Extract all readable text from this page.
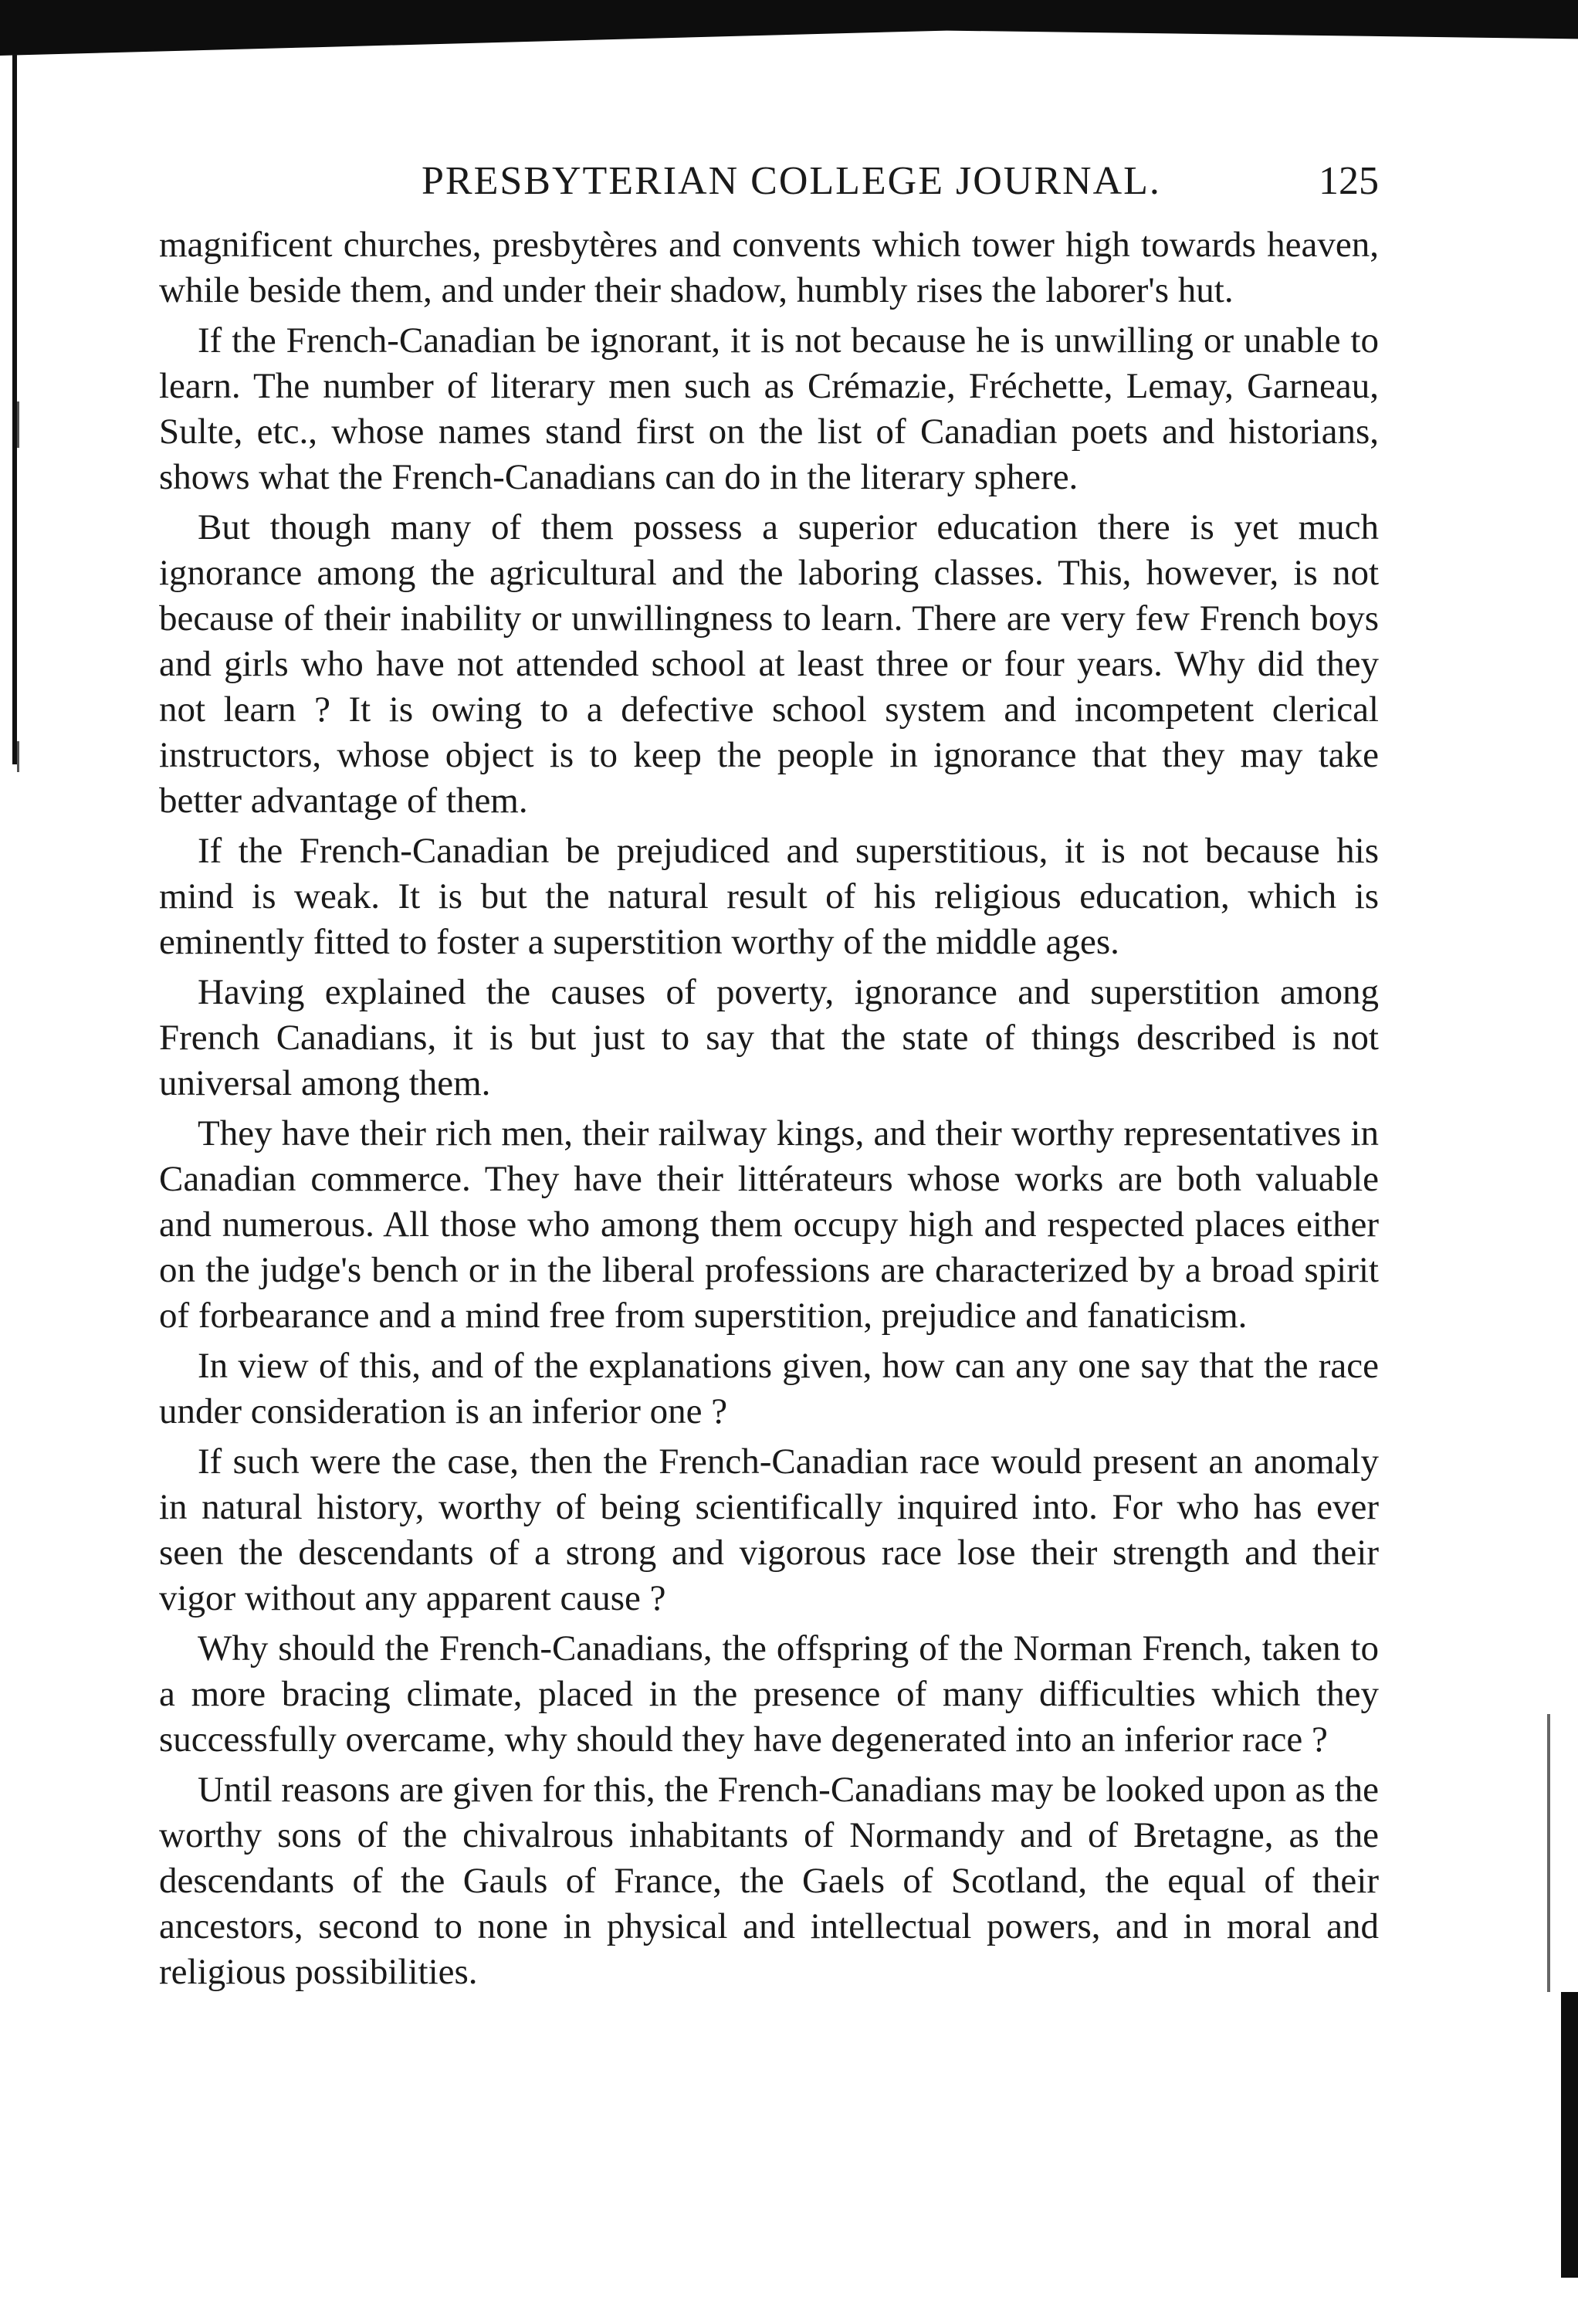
PRESBYTERIAN COLLEGE JOURNAL.	125

magnificent churches, presbytères and convents which tower high towards heaven, while beside them, and under their shadow, humbly rises the laborer's hut.

If the French-Canadian be ignorant, it is not because he is unwilling or unable to learn. The number of literary men such as Crémazie, Fréchette, Lemay, Garneau, Sulte, etc., whose names stand first on the list of Canadian poets and historians, shows what the French-Canadians can do in the literary sphere.

But though many of them possess a superior education there is yet much ignorance among the agricultural and the laboring classes. This, however, is not because of their inability or unwillingness to learn. There are very few French boys and girls who have not attended school at least three or four years. Why did they not learn ? It is owing to a defective school system and incompetent clerical instructors, whose object is to keep the people in ignorance that they may take better advantage of them.

If the French-Canadian be prejudiced and superstitious, it is not because his mind is weak. It is but the natural result of his religious education, which is eminently fitted to foster a superstition worthy of the middle ages.

Having explained the causes of poverty, ignorance and superstition among French Canadians, it is but just to say that the state of things described is not universal among them.

They have their rich men, their railway kings, and their worthy representatives in Canadian commerce. They have their littérateurs whose works are both valuable and numerous. All those who among them occupy high and respected places either on the judge's bench or in the liberal professions are characterized by a broad spirit of forbearance and a mind free from superstition, prejudice and fanaticism.

In view of this, and of the explanations given, how can any one say that the race under consideration is an inferior one ?

If such were the case, then the French-Canadian race would present an anomaly in natural history, worthy of being scientifically inquired into. For who has ever seen the descendants of a strong and vigorous race lose their strength and their vigor without any apparent cause ?

Why should the French-Canadians, the offspring of the Norman French, taken to a more bracing climate, placed in the presence of many difficulties which they successfully overcame, why should they have degenerated into an inferior race ?

Until reasons are given for this, the French-Canadians may be looked upon as the worthy sons of the chivalrous inhabitants of Normandy and of Bretagne, as the descendants of the Gauls of France, the Gaels of Scotland, the equal of their ancestors, second to none in physical and intellectual powers, and in moral and religious possibilities.
